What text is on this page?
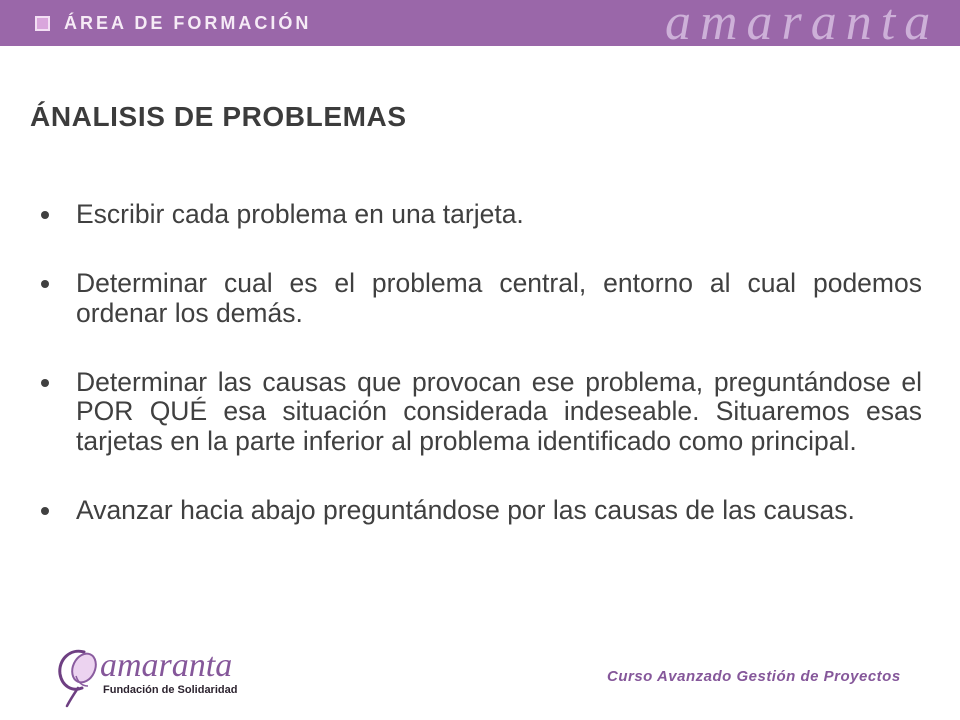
ÁREA DE FORMACIÓN	amaranta
ÁNALISIS DE PROBLEMAS
Escribir cada problema en una tarjeta.
Determinar cual es el problema central, entorno al cual podemos ordenar los demás.
Determinar las causas que provocan ese problema, preguntándose el POR QUÉ esa situación considerada indeseable. Situaremos esas tarjetas en la parte inferior al problema identificado como principal.
Avanzar hacia abajo preguntándose por las causas de las causas.
amaranta
Fundación de Solidaridad
Curso Avanzado Gestión de Proyectos
